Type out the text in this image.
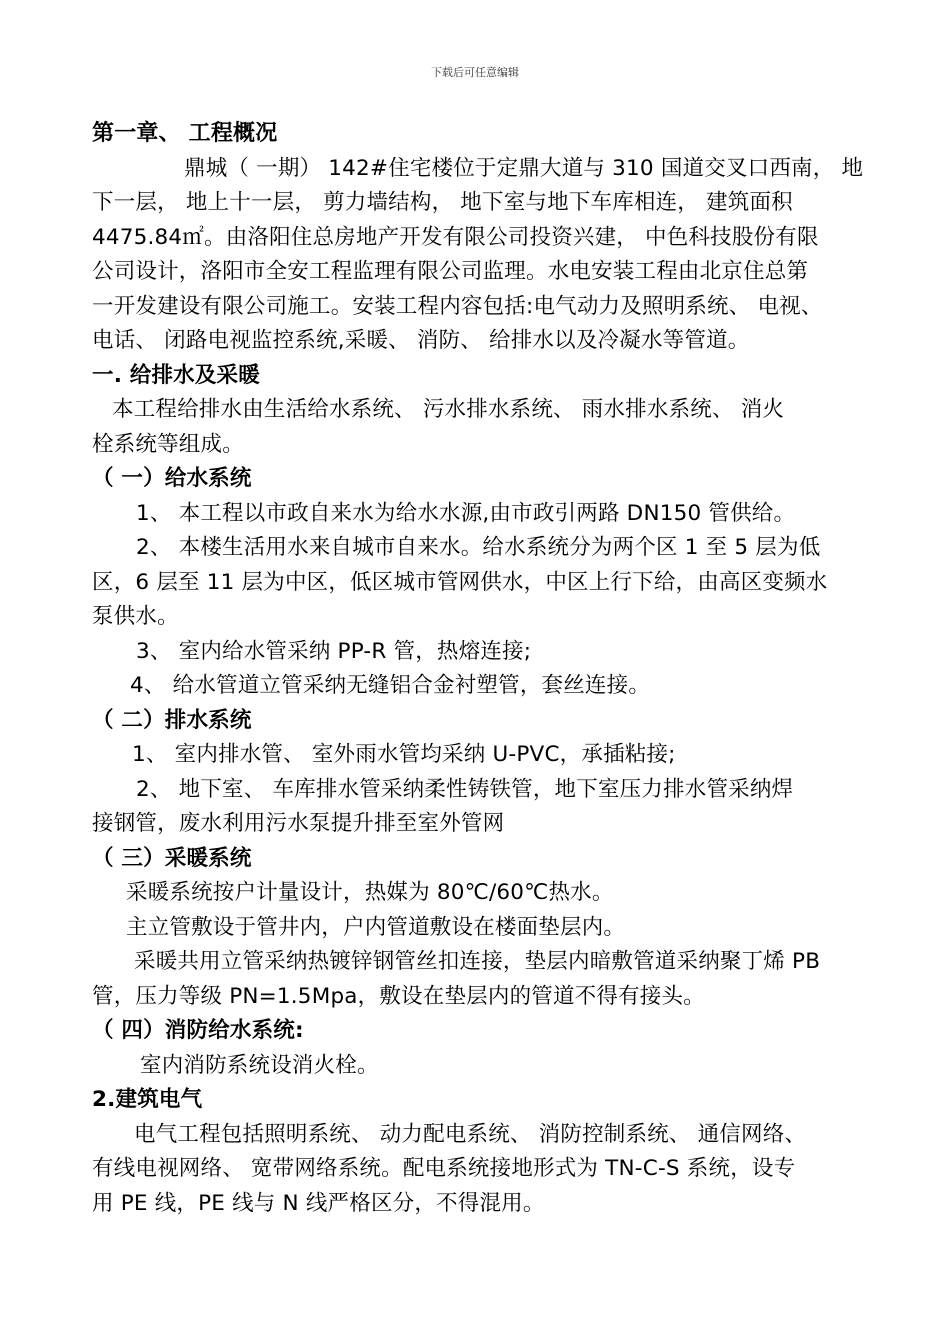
下载后可任意编辑
第一章、 工程概况
鼎城（ 一期） 142#住宅楼位于定鼎大道与 310 国道交叉口西南， 地
下一层， 地上十一层， 剪力墙结构， 地下室与地下车库相连， 建筑面积
4475.84㎡。由洛阳住总房地产开发有限公司投资兴建， 中色科技股份有限
公司设计，洛阳市全安工程监理有限公司监理。水电安装工程由北京住总第
一开发建设有限公司施工。安装工程内容包括:电气动力及照明系统、 电视、
电话、 闭路电视监控系统,采暖、 消防、 给排水以及冷凝水等管道。
一. 给排水及采暖
本工程给排水由生活给水系统、 污水排水系统、 雨水排水系统、 消火
栓系统等组成。
（ 一）给水系统
1、 本工程以市政自来水为给水水源,由市政引两路 DN150 管供给。
2、 本楼生活用水来自城市自来水。给水系统分为两个区 1 至 5 层为低
区，6 层至 11 层为中区，低区城市管网供水，中区上行下给，由高区变频水
泵供水。
3、 室内给水管采纳 PP-R 管，热熔连接;
4、 给水管道立管采纳无缝铝合金衬塑管，套丝连接。
（ 二）排水系统
1、 室内排水管、 室外雨水管均采纳 U-PVC，承插粘接;
2、 地下室、 车库排水管采纳柔性铸铁管，地下室压力排水管采纳焊
接钢管，废水利用污水泵提升排至室外管网
（ 三）采暖系统
采暖系统按户计量设计，热媒为 80℃/60℃热水。
主立管敷设于管井内，户内管道敷设在楼面垫层内。
采暖共用立管采纳热镀锌钢管丝扣连接，垫层内暗敷管道采纳聚丁烯 PB
管，压力等级 PN=1.5Mpa，敷设在垫层内的管道不得有接头。
（ 四）消防给水系统:
室内消防系统设消火栓。
2.建筑电气
电气工程包括照明系统、 动力配电系统、 消防控制系统、 通信网络、
有线电视网络、 宽带网络系统。配电系统接地形式为 TN-C-S 系统，设专
用 PE 线，PE 线与 N 线严格区分，不得混用。
